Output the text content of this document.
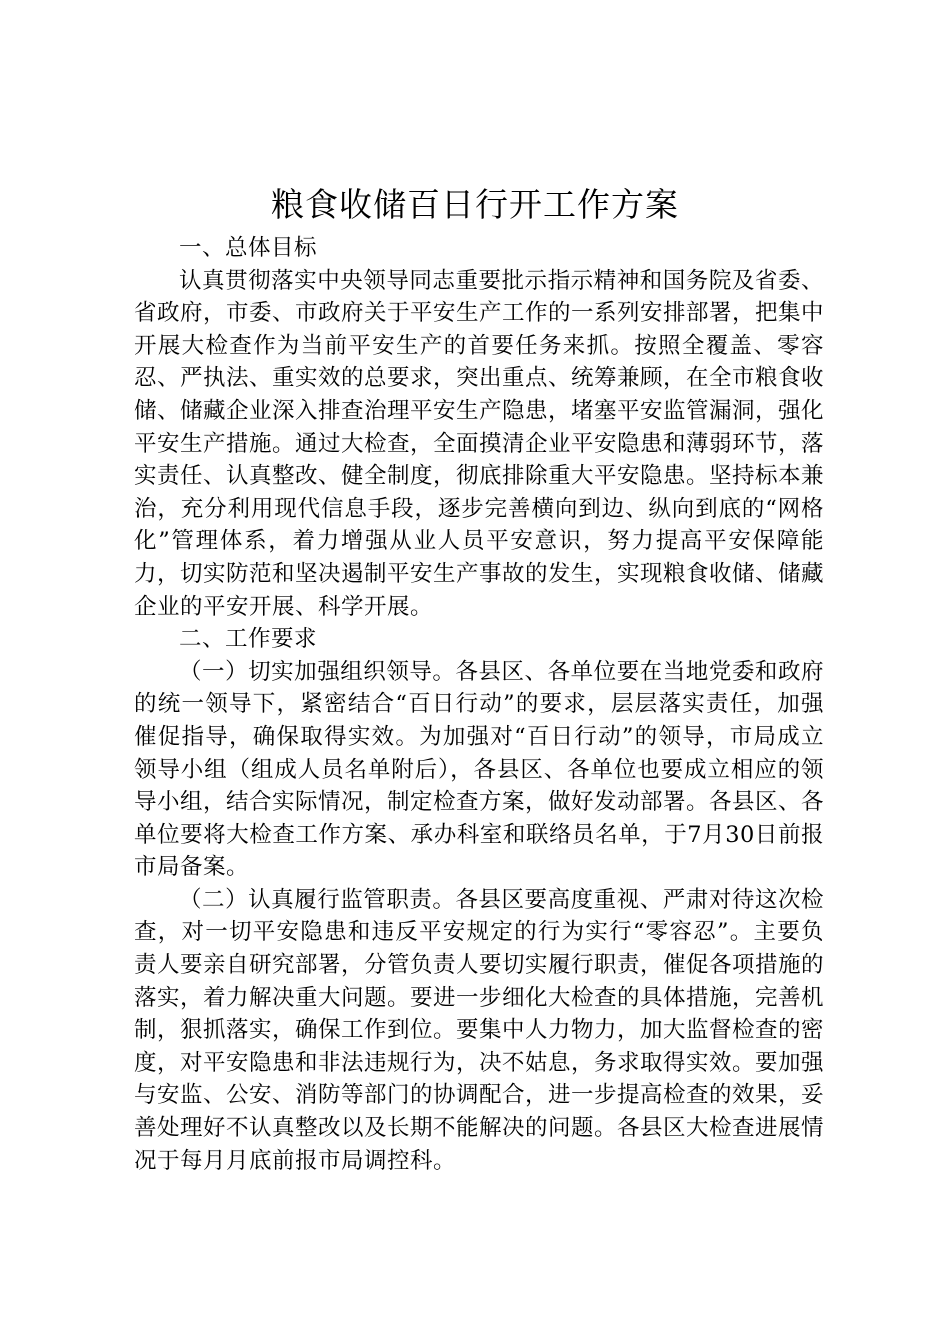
粮食收储百日行开工作方案

一、总体目标

认真贯彻落实中央领导同志重要批示指示精神和国务院及省委、省政府，市委、市政府关于平安生产工作的一系列安排部署，把集中开展大检查作为当前平安生产的首要任务来抓。按照全覆盖、零容忍、严执法、重实效的总要求，突出重点、统筹兼顾，在全市粮食收储、储藏企业深入排查治理平安生产隐患，堵塞平安监管漏洞，强化平安生产措施。通过大检查，全面摸清企业平安隐患和薄弱环节，落实责任、认真整改、健全制度，彻底排除重大平安隐患。坚持标本兼治，充分利用现代信息手段，逐步完善横向到边、纵向到底的“网格化”管理体系，着力增强从业人员平安意识，努力提高平安保障能力，切实防范和坚决遏制平安生产事故的发生，实现粮食收储、储藏企业的平安开展、科学开展。

二、工作要求

（一）切实加强组织领导。各县区、各单位要在当地党委和政府的统一领导下，紧密结合“百日行动”的要求，层层落实责任，加强催促指导，确保取得实效。为加强对“百日行动”的领导，市局成立领导小组（组成人员名单附后），各县区、各单位也要成立相应的领导小组，结合实际情况，制定检查方案，做好发动部署。各县区、各单位要将大检查工作方案、承办科室和联络员名单，于7月30日前报市局备案。

（二）认真履行监管职责。各县区要高度重视、严肃对待这次检查，对一切平安隐患和违反平安规定的行为实行“零容忍”。主要负责人要亲自研究部署，分管负责人要切实履行职责，催促各项措施的落实，着力解决重大问题。要进一步细化大检查的具体措施，完善机制，狠抓落实，确保工作到位。要集中人力物力，加大监督检查的密度，对平安隐患和非法违规行为，决不姑息，务求取得实效。要加强与安监、公安、消防等部门的协调配合，进一步提高检查的效果，妥善处理好不认真整改以及长期不能解决的问题。各县区大检查进展情况于每月月底前报市局调控科。
